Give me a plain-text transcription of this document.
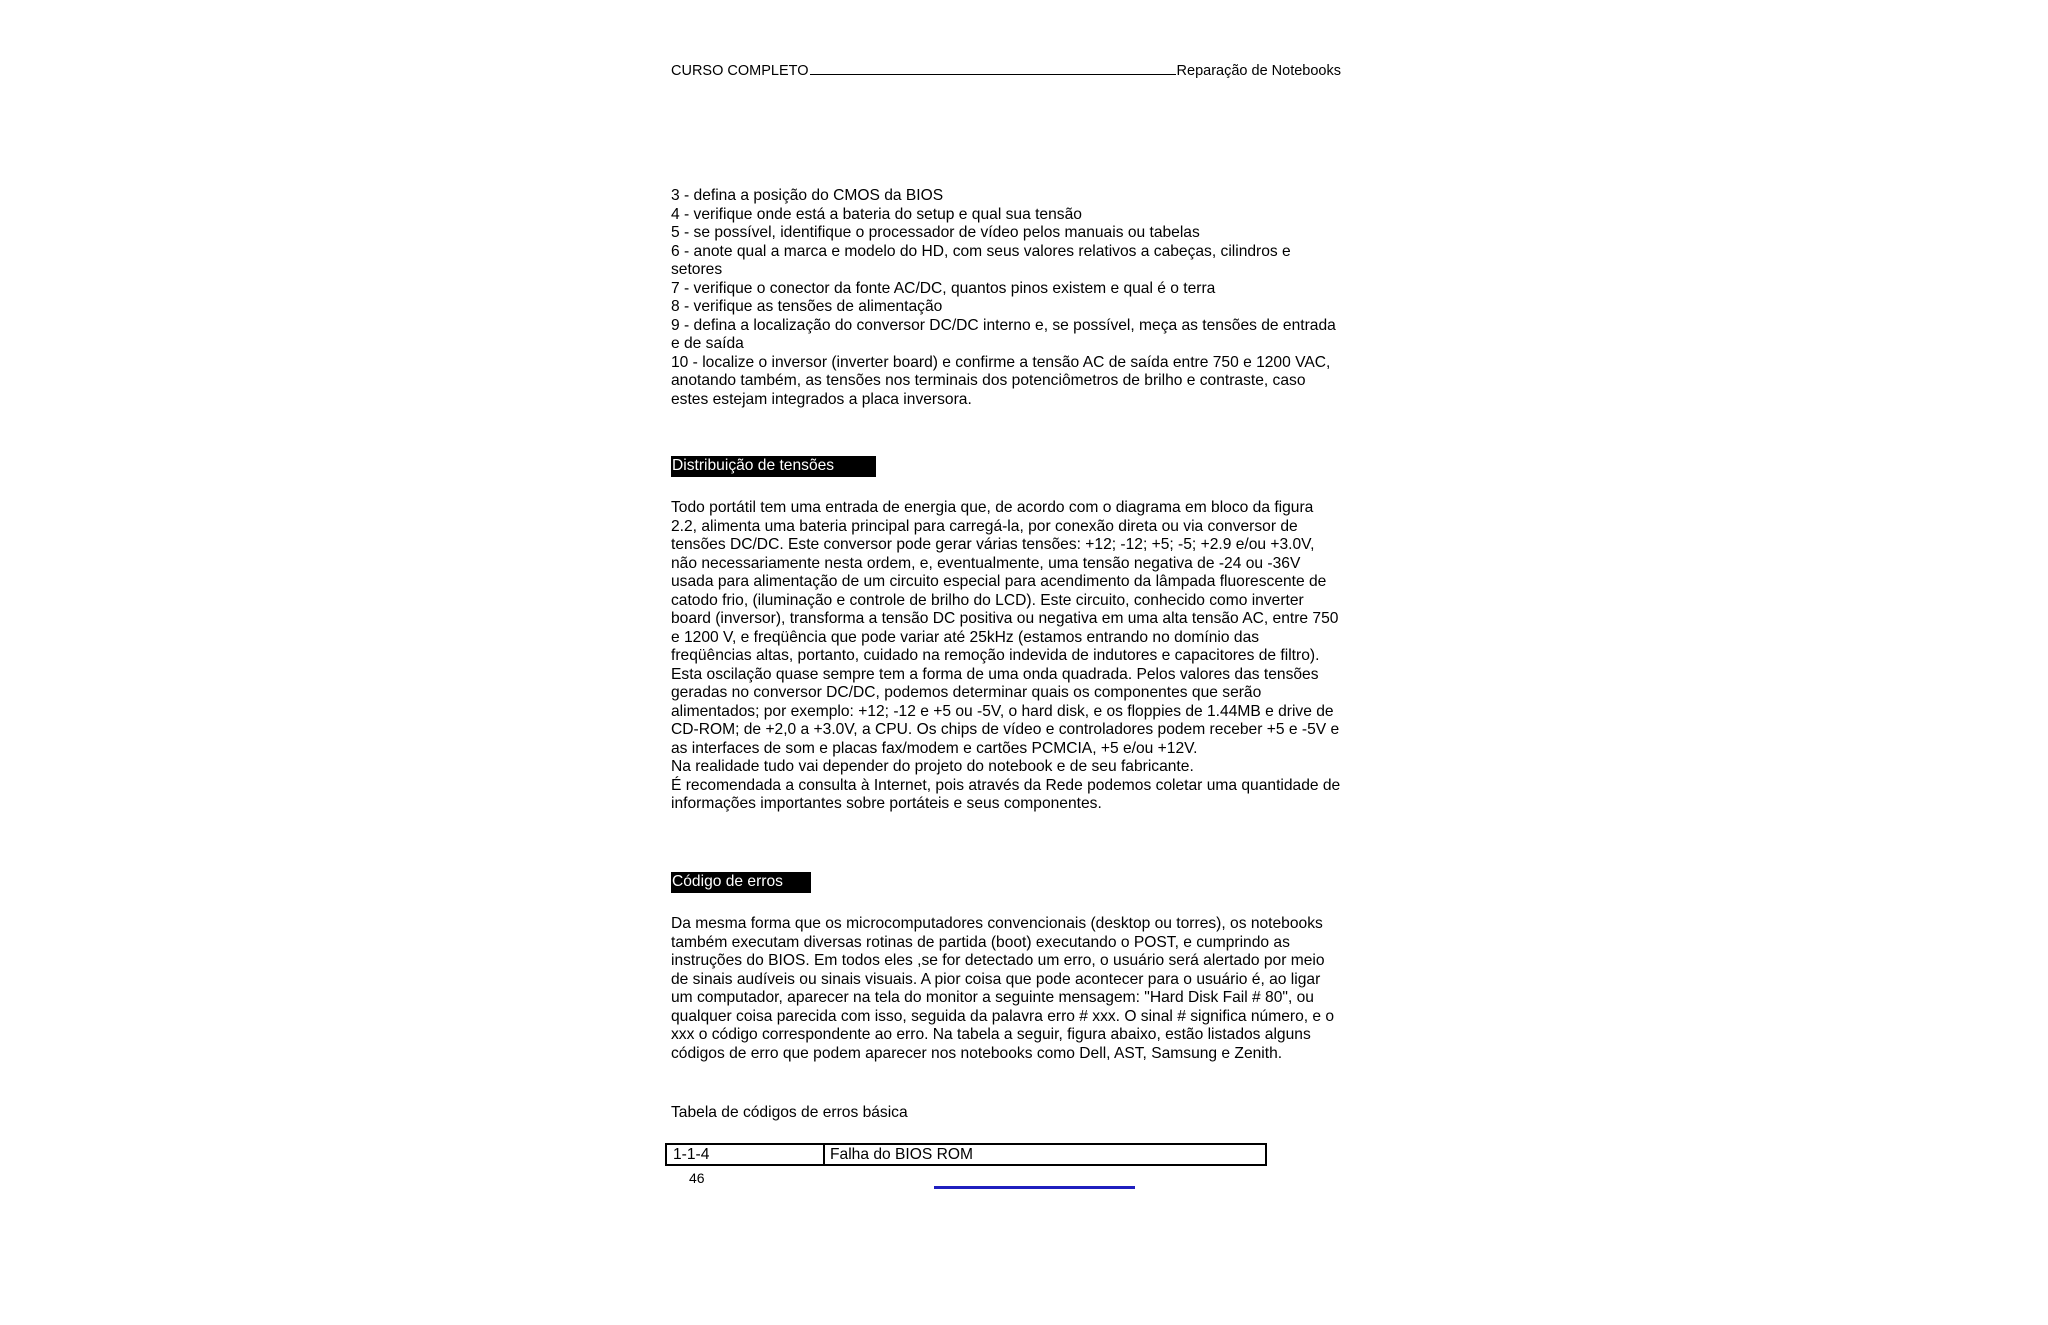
CURSO COMPLETO	Reparação de Notebooks
3 - defina a posição do CMOS da BIOS
4 - verifique onde está a bateria do setup e qual sua tensão
5 - se possível, identifique o processador de vídeo pelos manuais ou tabelas
6 - anote qual a marca e modelo do HD, com seus valores relativos a cabeças, cilindros e
setores
7 - verifique o conector da fonte AC/DC, quantos pinos existem e qual é o terra
8 - verifique as tensões de alimentação
9 - defina a localização do conversor DC/DC interno e, se possível, meça as tensões de entrada
e de saída
10 - localize o inversor (inverter board) e confirme a tensão AC de saída entre 750 e 1200 VAC,
anotando também, as tensões nos terminais dos potenciômetros de brilho e contraste, caso
estes estejam integrados a placa inversora.
Distribuição de tensões
Todo portátil tem uma entrada de energia que, de acordo com o diagrama em bloco da figura
2.2, alimenta uma bateria principal para carregá-la, por conexão direta ou via conversor de
tensões DC/DC. Este conversor pode gerar várias tensões: +12; -12; +5; -5; +2.9 e/ou +3.0V,
não necessariamente nesta ordem, e, eventualmente, uma tensão negativa de -24 ou -36V
usada para alimentação de um circuito especial para acendimento da lâmpada fluorescente de
catodo frio, (iluminação e controle de brilho do LCD). Este circuito, conhecido como inverter
board (inversor), transforma a tensão DC positiva ou negativa em uma alta tensão AC, entre 750
e 1200 V, e freqüência que pode variar até 25kHz (estamos entrando no domínio das
freqüências altas, portanto, cuidado na remoção indevida de indutores e capacitores de filtro).
Esta oscilação quase sempre tem a forma de uma onda quadrada. Pelos valores das tensões
geradas no conversor DC/DC, podemos determinar quais os componentes que serão
alimentados; por exemplo: +12; -12 e +5 ou -5V, o hard disk, e os floppies de 1.44MB e drive de
CD-ROM; de +2,0 a +3.0V, a CPU. Os chips de vídeo e controladores podem receber +5 e -5V e
as interfaces de som e placas fax/modem e cartões PCMCIA, +5 e/ou +12V.
Na realidade tudo vai depender do projeto do notebook e de seu fabricante.
É recomendada a consulta à Internet, pois através da Rede podemos coletar uma quantidade de
informações importantes sobre portáteis e seus componentes.
Código de erros
Da mesma forma que os microcomputadores convencionais (desktop ou torres), os notebooks
também executam diversas rotinas de partida (boot) executando o POST, e cumprindo as
instruções do BIOS. Em todos eles ,se for detectado um erro, o usuário será alertado por meio
de sinais audíveis ou sinais visuais. A pior coisa que pode acontecer para o usuário é, ao ligar
um computador, aparecer na tela do monitor a seguinte mensagem: "Hard Disk Fail # 80", ou
qualquer coisa parecida com isso, seguida da palavra erro # xxx. O sinal # significa número, e o
xxx o código correspondente ao erro. Na tabela a seguir, figura abaixo, estão listados alguns
códigos de erro que podem aparecer nos notebooks como Dell, AST, Samsung e Zenith.
Tabela de códigos de erros básica
1-1-4	Falha do BIOS ROM
46
